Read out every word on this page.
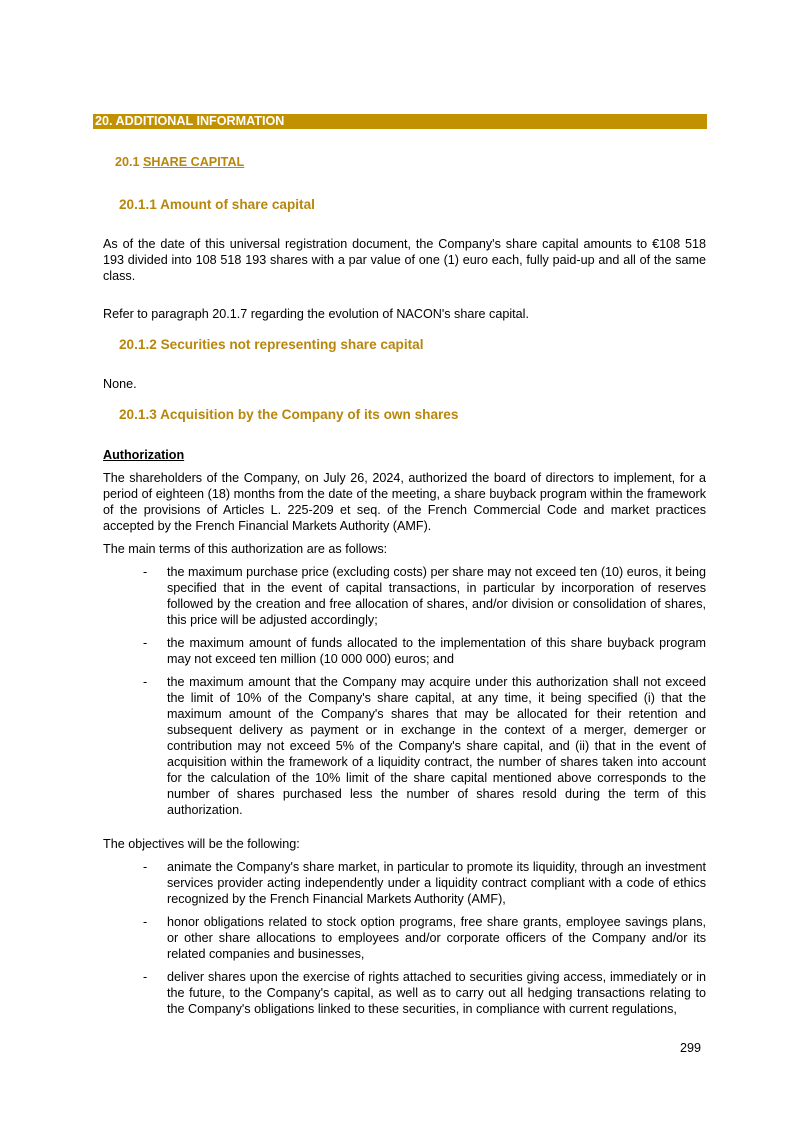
20. ADDITIONAL INFORMATION
20.1 SHARE CAPITAL
20.1.1 Amount of share capital
As of the date of this universal registration document, the Company's share capital amounts to €108 518 193 divided into 108 518 193 shares with a par value of one (1) euro each, fully paid-up and all of the same class.
Refer to paragraph 20.1.7 regarding the evolution of NACON's share capital.
20.1.2 Securities not representing share capital
None.
20.1.3 Acquisition by the Company of its own shares
Authorization
The shareholders of the Company, on July 26, 2024, authorized the board of directors to implement, for a period of eighteen (18) months from the date of the meeting, a share buyback program within the framework of the provisions of Articles L. 225-209 et seq. of the French Commercial Code and market practices accepted by the French Financial Markets Authority (AMF).
The main terms of this authorization are as follows:
- the maximum purchase price (excluding costs) per share may not exceed ten (10) euros, it being specified that in the event of capital transactions, in particular by incorporation of reserves followed by the creation and free allocation of shares, and/or division or consolidation of shares, this price will be adjusted accordingly;
- the maximum amount of funds allocated to the implementation of this share buyback program may not exceed ten million (10 000 000) euros; and
- the maximum amount that the Company may acquire under this authorization shall not exceed the limit of 10% of the Company's share capital, at any time, it being specified (i) that the maximum amount of the Company's shares that may be allocated for their retention and subsequent delivery as payment or in exchange in the context of a merger, demerger or contribution may not exceed 5% of the Company's share capital, and (ii) that in the event of acquisition within the framework of a liquidity contract, the number of shares taken into account for the calculation of the 10% limit of the share capital mentioned above corresponds to the number of shares purchased less the number of shares resold during the term of this authorization.
The objectives will be the following:
- animate the Company's share market, in particular to promote its liquidity, through an investment services provider acting independently under a liquidity contract compliant with a code of ethics recognized by the French Financial Markets Authority (AMF),
- honor obligations related to stock option programs, free share grants, employee savings plans, or other share allocations to employees and/or corporate officers of the Company and/or its related companies and businesses,
- deliver shares upon the exercise of rights attached to securities giving access, immediately or in the future, to the Company's capital, as well as to carry out all hedging transactions relating to the Company's obligations linked to these securities, in compliance with current regulations,
299
